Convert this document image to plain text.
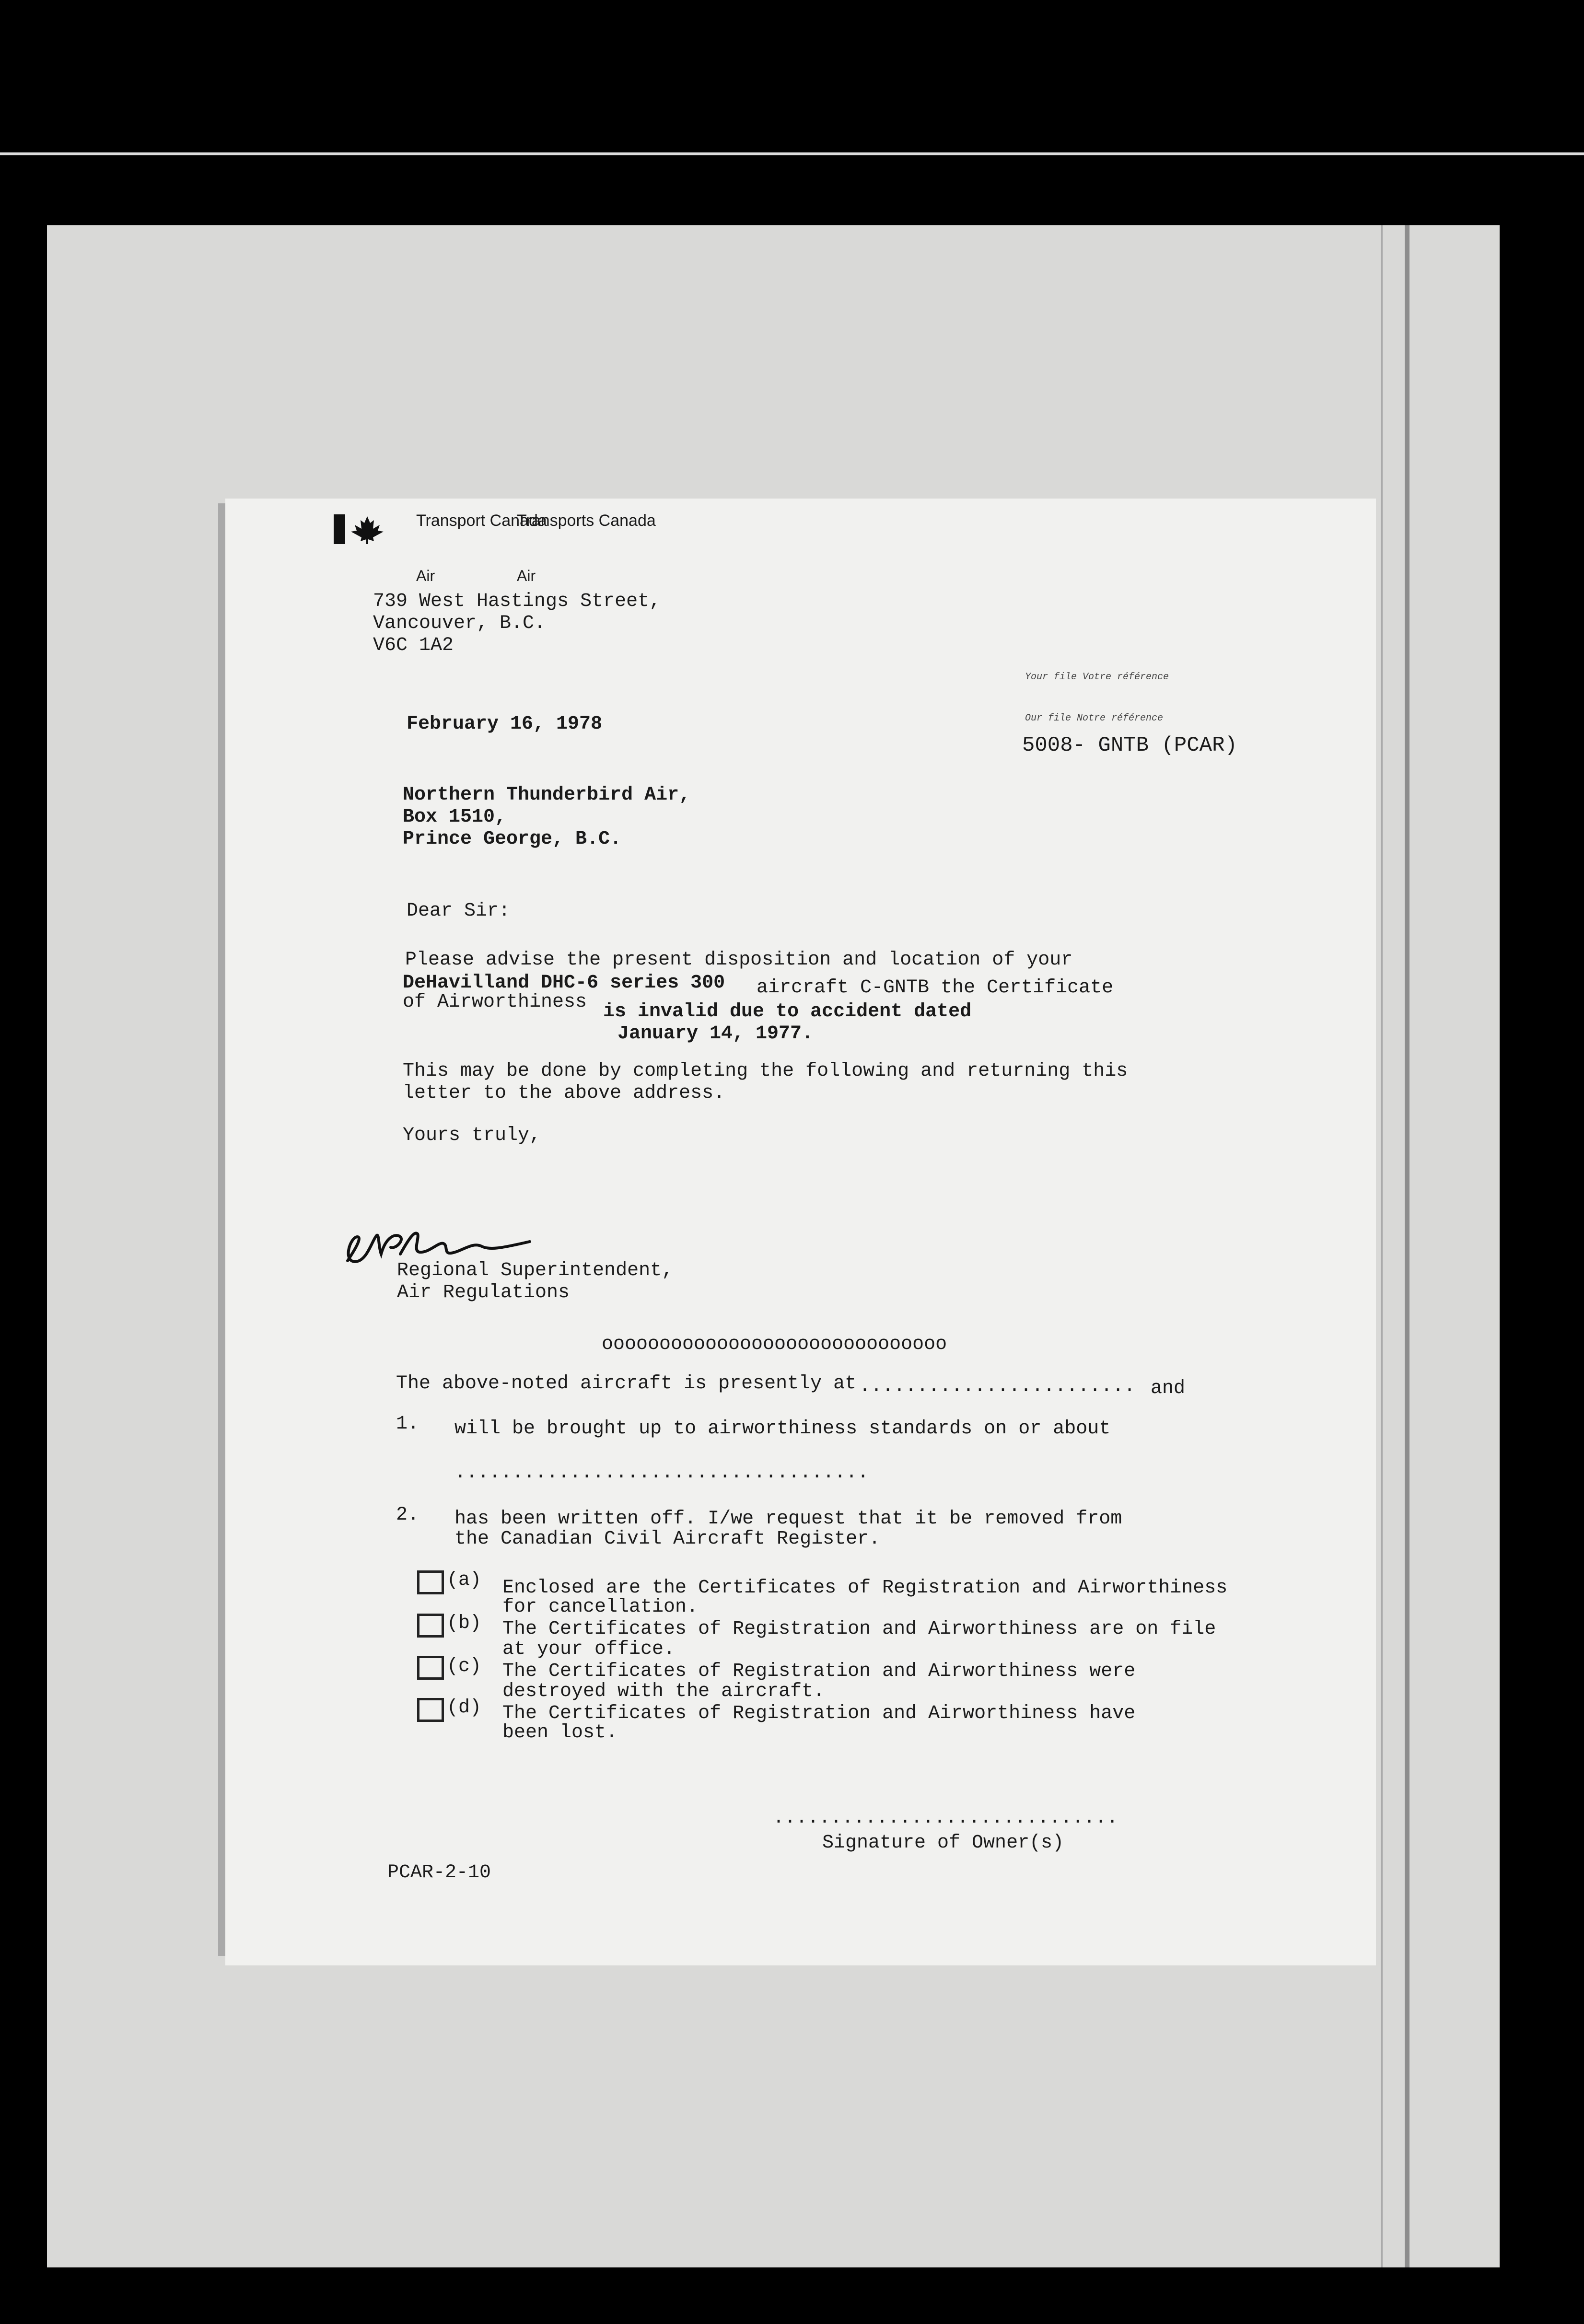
Transport Canada
Transports Canada
Air	Air
739 West Hastings Street,
Vancouver, B.C.
V6C 1A2
Your file Votre référence
Our file Notre référence
5008- GNTB (PCAR)
February 16, 1978
Northern Thunderbird Air,
Box 1510,
Prince George, B.C.
Dear Sir:
Please advise the present disposition and location of your
DeHavilland DHC-6 series 300 aircraft C-GNTB the Certificate
of Airworthiness is invalid due to accident dated
January 14, 1977.
This may be done by completing the following and returning this
letter to the above address.
Yours truly,
Regional Superintendent,
Air Regulations
oooooooooooooooooooooooooooooo
The above-noted aircraft is presently at ........................ and
1. will be brought up to airworthiness standards on or about
....................................
2. has been written off. I/we request that it be removed from
the Canadian Civil Aircraft Register.
(a) Enclosed are the Certificates of Registration and Airworthiness
for cancellation.
(b) The Certificates of Registration and Airworthiness are on file
at your office.
(c) The Certificates of Registration and Airworthiness were
destroyed with the aircraft.
(d) The Certificates of Registration and Airworthiness have
been lost.
..............................
Signature of Owner(s)
PCAR-2-10
